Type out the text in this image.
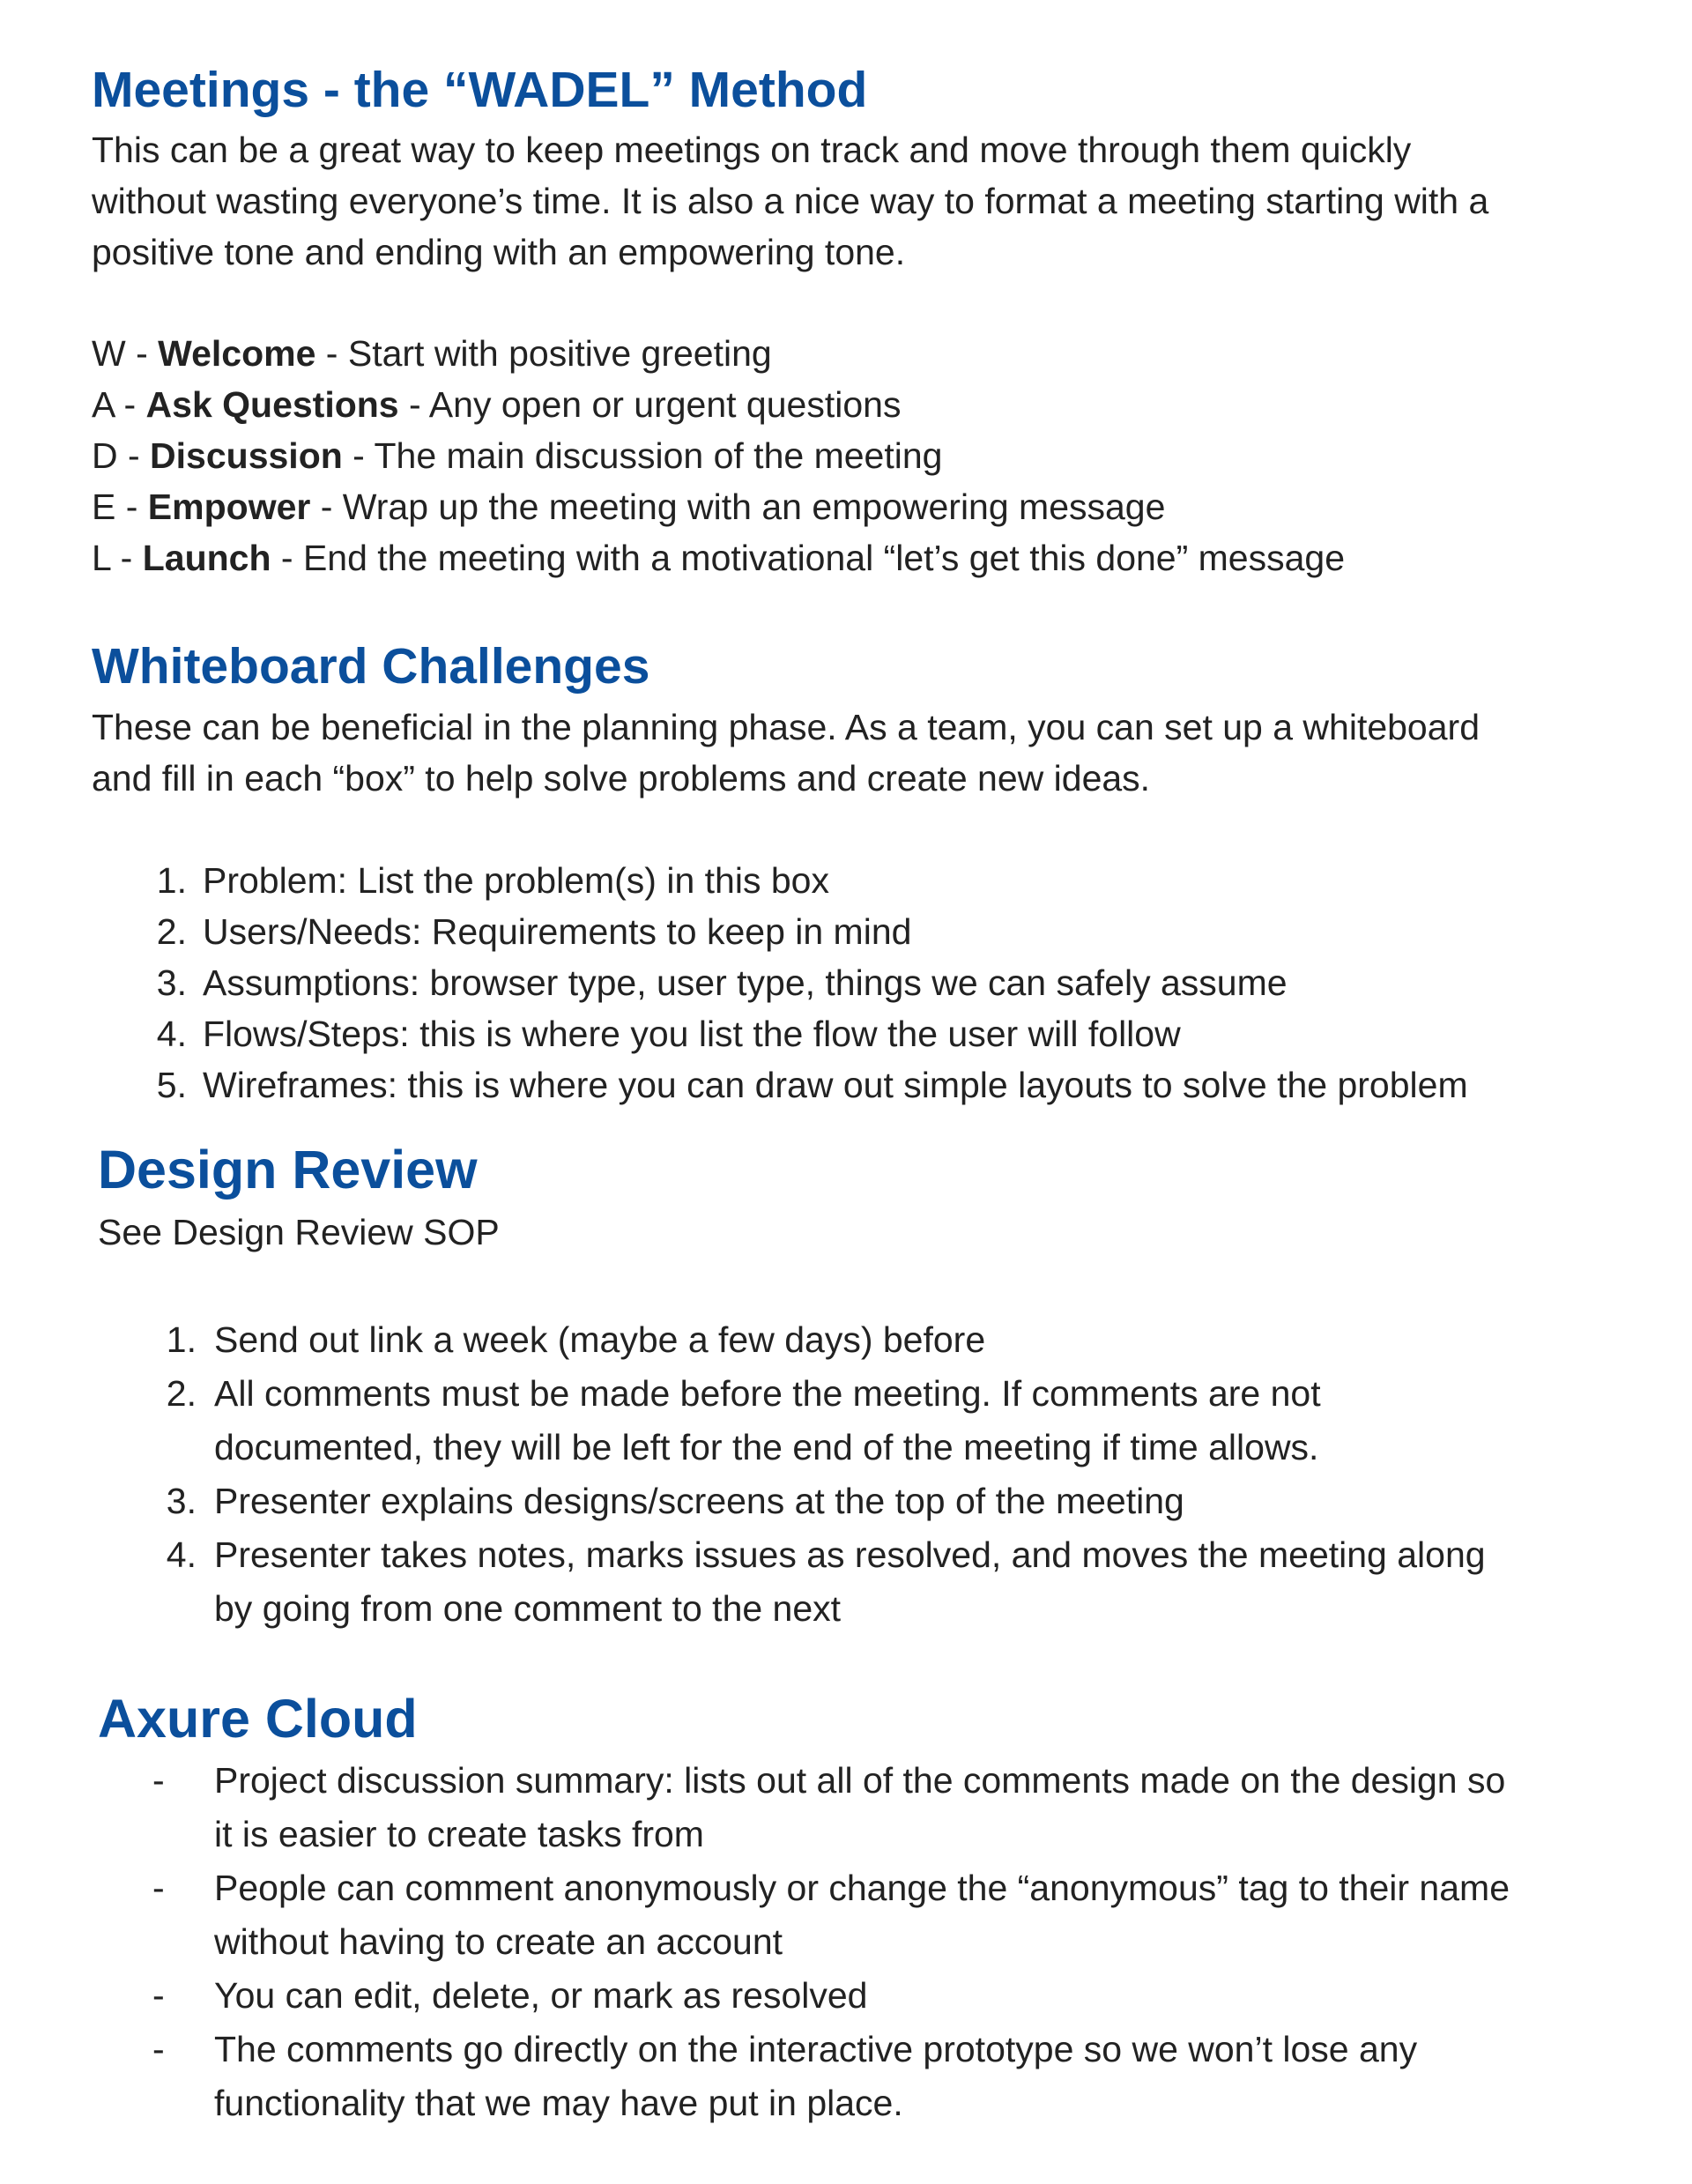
Meetings - the “WADEL” Method
This can be a great way to keep meetings on track and move through them quickly
without wasting everyone’s time. It is also a nice way to format a meeting starting with a
positive tone and ending with an empowering tone.
W - Welcome - Start with positive greeting
A - Ask Questions - Any open or urgent questions
D - Discussion - The main discussion of the meeting
E - Empower - Wrap up the meeting with an empowering message
L - Launch - End the meeting with a motivational “let’s get this done” message
Whiteboard Challenges
These can be beneficial in the planning phase. As a team, you can set up a whiteboard
and fill in each “box” to help solve problems and create new ideas.
1. Problem: List the problem(s) in this box
2. Users/Needs: Requirements to keep in mind
3. Assumptions: browser type, user type, things we can safely assume
4. Flows/Steps: this is where you list the flow the user will follow
5. Wireframes: this is where you can draw out simple layouts to solve the problem
Design Review
See Design Review SOP
1. Send out link a week (maybe a few days) before
2. All comments must be made before the meeting. If comments are not
documented, they will be left for the end of the meeting if time allows.
3. Presenter explains designs/screens at the top of the meeting
4. Presenter takes notes, marks issues as resolved, and moves the meeting along
by going from one comment to the next
Axure Cloud
- Project discussion summary: lists out all of the comments made on the design so
it is easier to create tasks from
- People can comment anonymously or change the “anonymous” tag to their name
without having to create an account
- You can edit, delete, or mark as resolved
- The comments go directly on the interactive prototype so we won’t lose any
functionality that we may have put in place.
